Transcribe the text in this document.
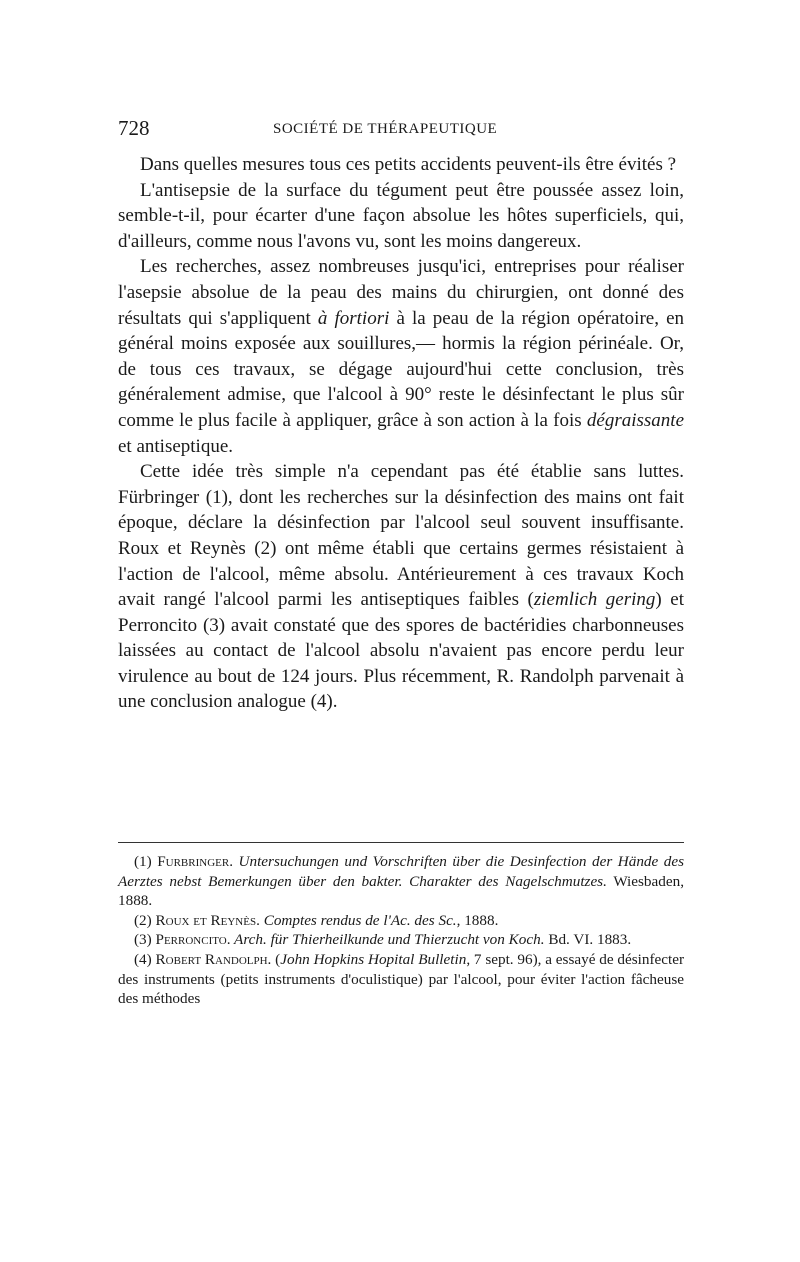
728	SOCIÉTÉ DE THÉRAPEUTIQUE

Dans quelles mesures tous ces petits accidents peuvent-ils être évités ?

L'antisepsie de la surface du tégument peut être poussée assez loin, semble-t-il, pour écarter d'une façon absolue les hôtes superficiels, qui, d'ailleurs, comme nous l'avons vu, sont les moins dangereux.

Les recherches, assez nombreuses jusqu'ici, entreprises pour réaliser l'asepsie absolue de la peau des mains du chirurgien, ont donné des résultats qui s'appliquent à fortiori à la peau de la région opératoire, en général moins exposée aux souillures,— hormis la région périnéale. Or, de tous ces travaux, se dégage aujourd'hui cette conclusion, très généralement admise, que l'alcool à 90° reste le désinfectant le plus sûr comme le plus facile à appliquer, grâce à son action à la fois dégraissante et antiseptique.

Cette idée très simple n'a cependant pas été établie sans luttes. Fürbringer (1), dont les recherches sur la désinfection des mains ont fait époque, déclare la désinfection par l'alcool seul souvent insuffisante. Roux et Reynès (2) ont même établi que certains germes résistaient à l'action de l'alcool, même absolu. Antérieurement à ces travaux Koch avait rangé l'alcool parmi les antiseptiques faibles (ziemlich gering) et Perroncito (3) avait constaté que des spores de bactéridies charbonneuses laissées au contact de l'alcool absolu n'avaient pas encore perdu leur virulence au bout de 124 jours. Plus récemment, R. Randolph parvenait à une conclusion analogue (4).

(1) Furbringer. Untersuchungen und Vorschriften über die Desinfection der Hände des Aerztes nebst Bemerkungen über den bakter. Charakter des Nagelschmutzes. Wiesbaden, 1888.

(2) Roux et Reynès. Comptes rendus de l'Ac. des Sc., 1888.

(3) Perroncito. Arch. für Thierheilkunde und Thierzucht von Koch. Bd. VI. 1883.

(4) Robert Randolph. (John Hopkins Hopital Bulletin, 7 sept. 96), a essayé de désinfecter des instruments (petits instruments d'oculistique) par l'alcool, pour éviter l'action fâcheuse des méthodes
